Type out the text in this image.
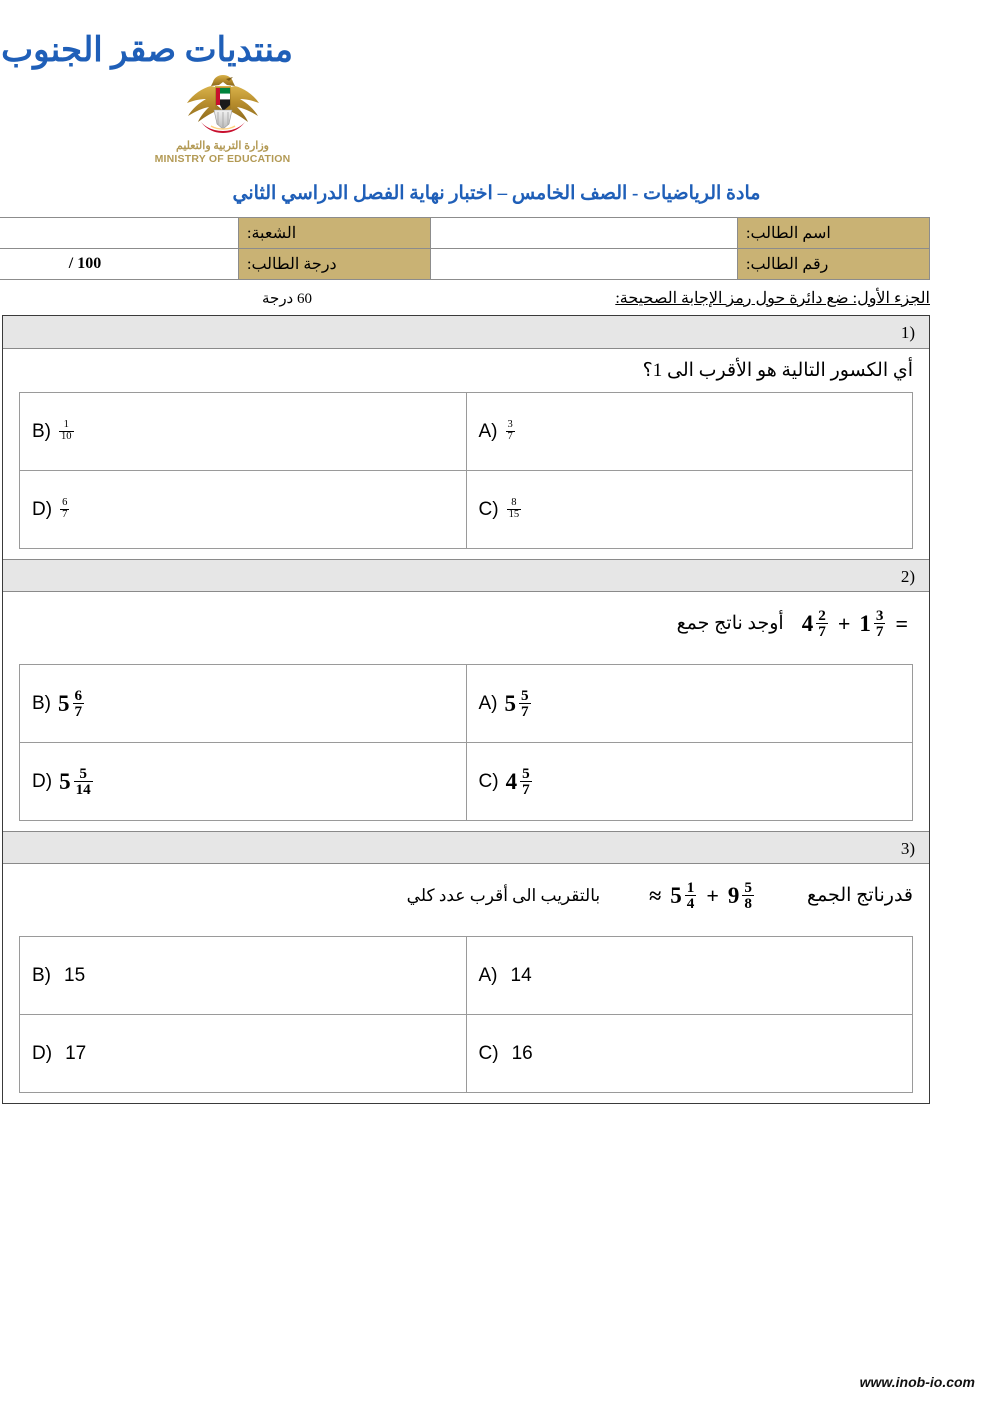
منتديات صقر الجنوب
وزارة التربية والتعليم
MINISTRY OF EDUCATION
مادة الرياضيات - الصف الخامس – اختبار نهاية الفصل الدراسي الثاني
اسم الطالب:		الشعبة:	
رقم الطالب:		درجة الطالب:	/ 100
الجزء الأول: ضع دائرة حول رمز الإجابة الصحيحة:
60 درجة
(1
أي الكسور التالية هو الأقرب الى 1؟
$A) \frac{3}{7}$	$B) \frac{1}{10}$

$C) \frac{8}{15}$	$D) \frac{6}{7}$
(2
$4 \frac{2}{7} + 1 \frac{3}{7}$ =
أوجد ناتج جمع
A) $5 \frac{5}{7}$	B) $5 \frac{6}{7}$

C) $4 \frac{5}{7}$	D) $5 \frac{5}{14}$
(3
قدرناتج الجمع
≈ $5 \frac{1}{4} + 9 \frac{5}{8}$
بالتقريب الى أقرب عدد كلي
A) 14	B) 15

C) 16	D) 17
www.inob-io.com
